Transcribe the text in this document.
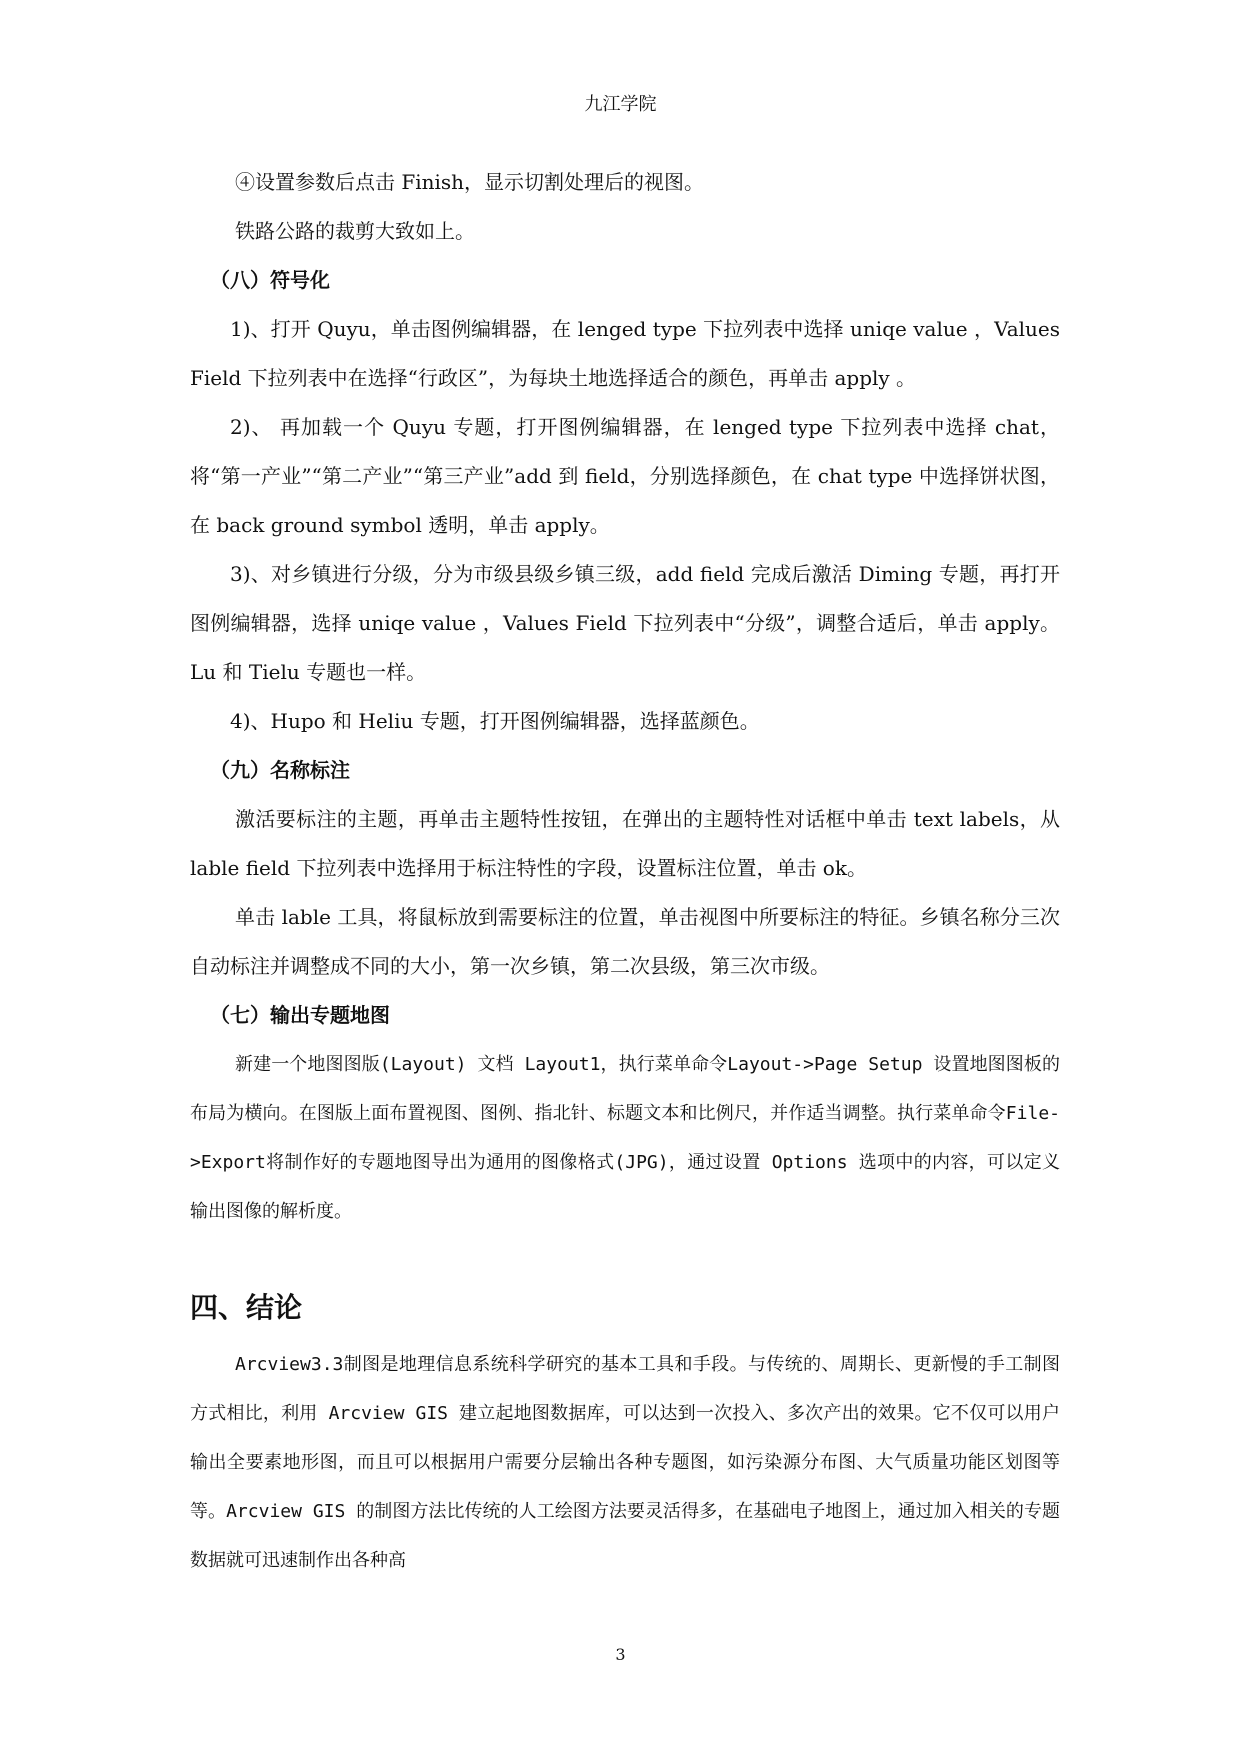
九江学院

④设置参数后点击 Finish，显示切割处理后的视图。

铁路公路的裁剪大致如上。

（八）符号化

1)、打开 Quyu，单击图例编辑器，在 lenged type 下拉列表中选择 uniqe value ，Values Field 下拉列表中在选择“行政区”，为每块土地选择适合的颜色，再单击 apply 。

2)、 再加载一个 Quyu 专题，打开图例编辑器，在 lenged type 下拉列表中选择 chat，将“第一产业”“第二产业”“第三产业”add 到 field，分别选择颜色，在 chat type 中选择饼状图，在 back ground symbol 透明，单击 apply。

3)、对乡镇进行分级，分为市级县级乡镇三级，add field 完成后激活 Diming 专题，再打开图例编辑器，选择 uniqe value ，Values Field 下拉列表中“分级”，调整合适后，单击 apply。 Lu 和 Tielu 专题也一样。

4)、Hupo 和 Heliu 专题，打开图例编辑器，选择蓝颜色。

（九）名称标注

激活要标注的主题，再单击主题特性按钮，在弹出的主题特性对话框中单击 text labels，从 lable field 下拉列表中选择用于标注特性的字段，设置标注位置，单击 ok。

单击 lable 工具，将鼠标放到需要标注的位置，单击视图中所要标注的特征。乡镇名称分三次自动标注并调整成不同的大小，第一次乡镇，第二次县级，第三次市级。

（七）输出专题地图

新建一个地图图版(Layout) 文档 Layout1，执行菜单命令Layout->Page Setup 设置地图图板的布局为横向。在图版上面布置视图、图例、指北针、标题文本和比例尺，并作适当调整。执行菜单命令File->Export将制作好的专题地图导出为通用的图像格式(JPG)，通过设置 Options 选项中的内容，可以定义输出图像的解析度。

四、结论

Arcview3.3制图是地理信息系统科学研究的基本工具和手段。与传统的、周期长、更新慢的手工制图方式相比，利用 Arcview GIS 建立起地图数据库，可以达到一次投入、多次产出的效果。它不仅可以用户输出全要素地形图，而且可以根据用户需要分层输出各种专题图，如污染源分布图、大气质量功能区划图等等。Arcview GIS 的制图方法比传统的人工绘图方法要灵活得多，在基础电子地图上，通过加入相关的专题数据就可迅速制作出各种高

3
